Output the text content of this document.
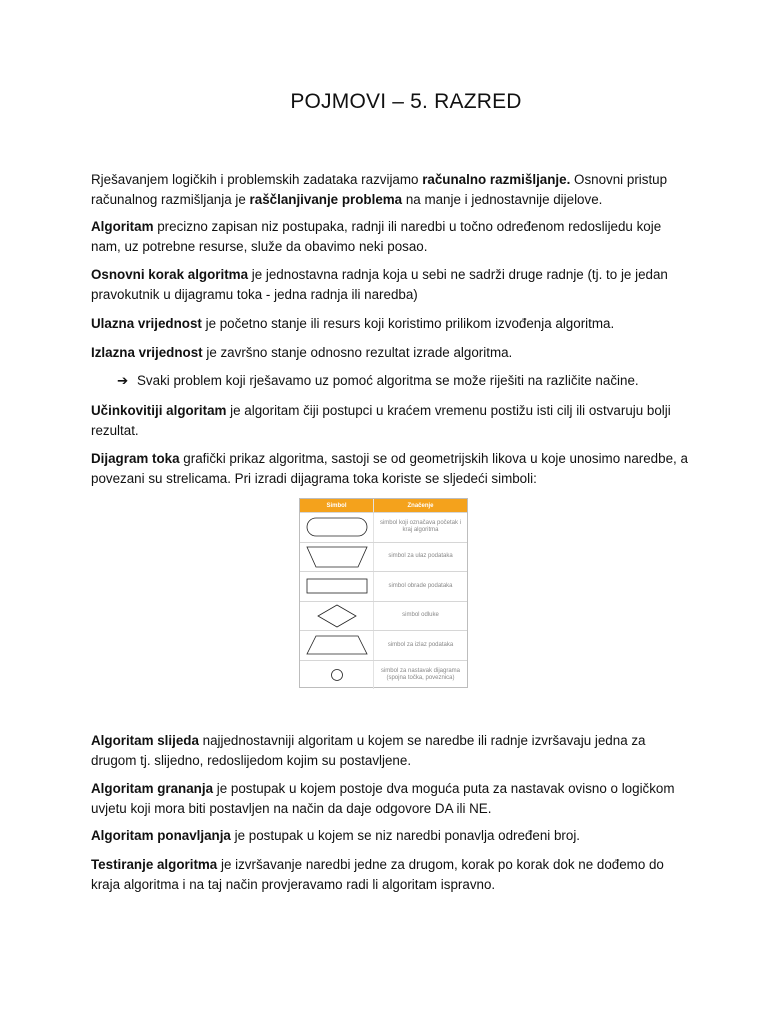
POJMOVI – 5. RAZRED
Rješavanjem logičkih i problemskih zadataka razvijamo računalno razmišljanje. Osnovni pristup računalnog razmišljanja je raščlanjivanje problema na manje i jednostavnije dijelove.
Algoritam precizno zapisan niz postupaka, radnji ili naredbi u točno određenom redoslijedu koje nam, uz potrebne resurse, služe da obavimo neki posao.
Osnovni korak algoritma je jednostavna radnja koja u sebi ne sadrži druge radnje (tj. to je jedan pravokutnik u dijagramu toka - jedna radnja ili naredba)
Ulazna vrijednost je početno stanje ili resurs koji koristimo prilikom izvođenja algoritma.
Izlazna vrijednost je završno stanje odnosno rezultat izrade algoritma.
➔ Svaki problem koji rješavamo uz pomoć algoritma se može riješiti na različite načine.
Učinkovitiji algoritam je algoritam čiji postupci u kraćem vremenu postižu isti cilj ili ostvaruju bolji rezultat.
Dijagram toka grafički prikaz algoritma, sastoji se od geometrijskih likova u koje unosimo naredbe, a povezani su strelicama. Pri izradi dijagrama toka koriste se sljedeći simboli:
Simbol	Značenje
simbol koji označava početak i kraj algoritma
simbol za ulaz podataka
simbol obrade podataka
simbol odluke
simbol za izlaz podataka
simbol za nastavak dijagrama (spojna točka, poveznica)
Algoritam slijeda najjednostavniji algoritam u kojem se naredbe ili radnje izvršavaju jedna za drugom tj. slijedno, redoslijedom kojim su postavljene.
Algoritam grananja je postupak u kojem postoje dva moguća puta za nastavak ovisno o logičkom uvjetu koji mora biti postavljen na način da daje odgovore DA ili NE.
Algoritam ponavljanja je postupak u kojem se niz naredbi ponavlja određeni broj.
Testiranje algoritma je izvršavanje naredbi jedne za drugom, korak po korak dok ne dođemo do kraja algoritma i na taj način provjeravamo radi li algoritam ispravno.
